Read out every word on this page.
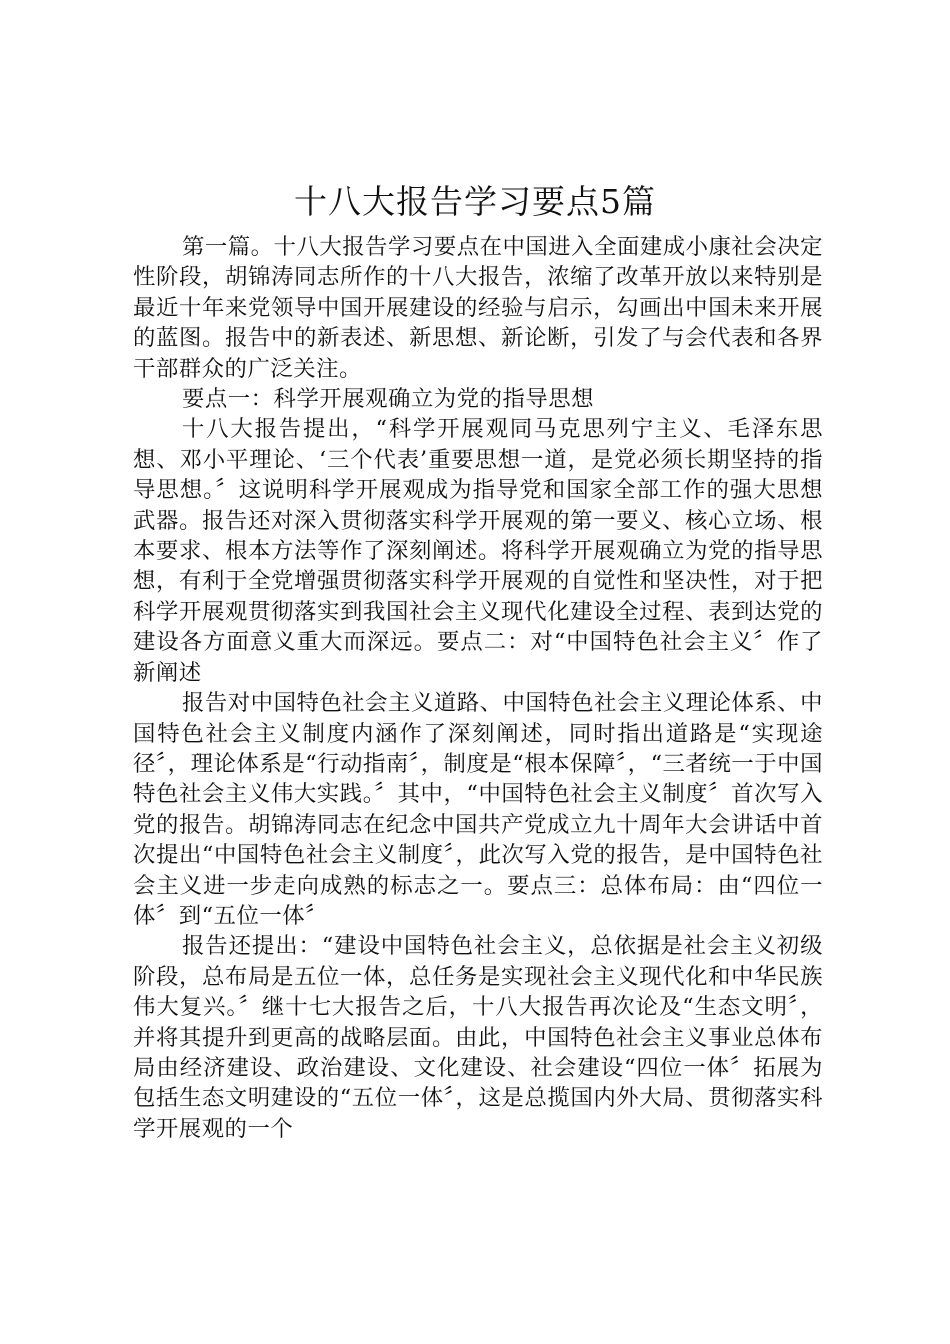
十八大报告学习要点5篇

第一篇。十八大报告学习要点在中国进入全面建成小康社会决定性阶段，胡锦涛同志所作的十八大报告，浓缩了改革开放以来特别是最近十年来党领导中国开展建设的经验与启示，勾画出中国未来开展的蓝图。报告中的新表述、新思想、新论断，引发了与会代表和各界干部群众的广泛关注。

要点一：科学开展观确立为党的指导思想

十八大报告提出，“科学开展观同马克思列宁主义、毛泽东思想、邓小平理论、‘三个代表’重要思想一道，是党必须长期坚持的指导思想。〞这说明科学开展观成为指导党和国家全部工作的强大思想武器。报告还对深入贯彻落实科学开展观的第一要义、核心立场、根本要求、根本方法等作了深刻阐述。将科学开展观确立为党的指导思想，有利于全党增强贯彻落实科学开展观的自觉性和坚决性，对于把科学开展观贯彻落实到我国社会主义现代化建设全过程、表到达党的建设各方面意义重大而深远。要点二：对“中国特色社会主义〞作了新阐述

报告对中国特色社会主义道路、中国特色社会主义理论体系、中国特色社会主义制度内涵作了深刻阐述，同时指出道路是“实现途径〞，理论体系是“行动指南〞，制度是“根本保障〞，“三者统一于中国特色社会主义伟大实践。〞其中，“中国特色社会主义制度〞首次写入党的报告。胡锦涛同志在纪念中国共产党成立九十周年大会讲话中首次提出“中国特色社会主义制度〞，此次写入党的报告，是中国特色社会主义进一步走向成熟的标志之一。要点三：总体布局：由“四位一体〞到“五位一体〞

报告还提出：“建设中国特色社会主义，总依据是社会主义初级阶段，总布局是五位一体，总任务是实现社会主义现代化和中华民族伟大复兴。〞继十七大报告之后，十八大报告再次论及“生态文明〞，并将其提升到更高的战略层面。由此，中国特色社会主义事业总体布局由经济建设、政治建设、文化建设、社会建设“四位一体〞拓展为包括生态文明建设的“五位一体〞，这是总揽国内外大局、贯彻落实科学开展观的一个
